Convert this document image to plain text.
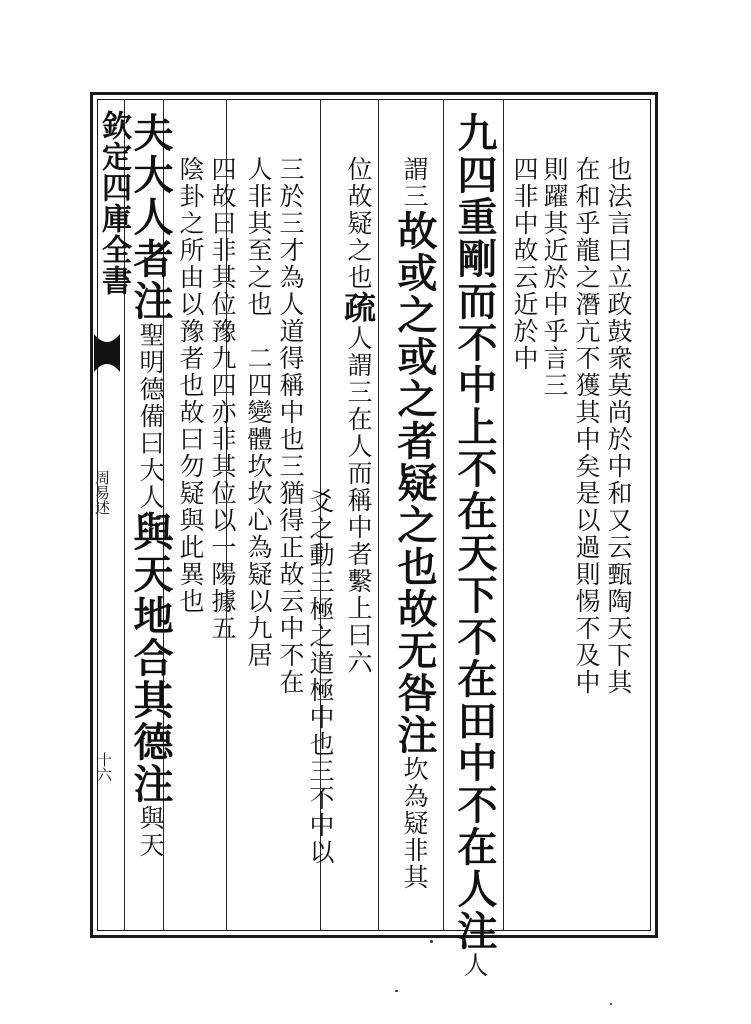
欽定四庫全書
周易述
十六
也法言曰立政鼓衆莫尚於中和又云甄陶天下其
在和乎龍之潛亢不獲其中矣是以過則惕不及中
則躍其近於中乎言三
四非中故云近於中
九四重剛而不中上不在天下不在田中不在人注人
謂三故或之或之者疑之也故无咎注坎為疑非其
位故疑之也疏人謂三在人而稱中者繫上曰六
爻之動三極之道極中也三不中以
三於三才為人道得稱中也三猶得正故云中不在
人非其至之也　二四變體坎坎心為疑以九居
四故曰非其位豫九四亦非其位以一陽據五
陰卦之所由以豫者也故曰勿疑與此異也
夫大人者注聖明德備曰大人與天地合其德注與天
